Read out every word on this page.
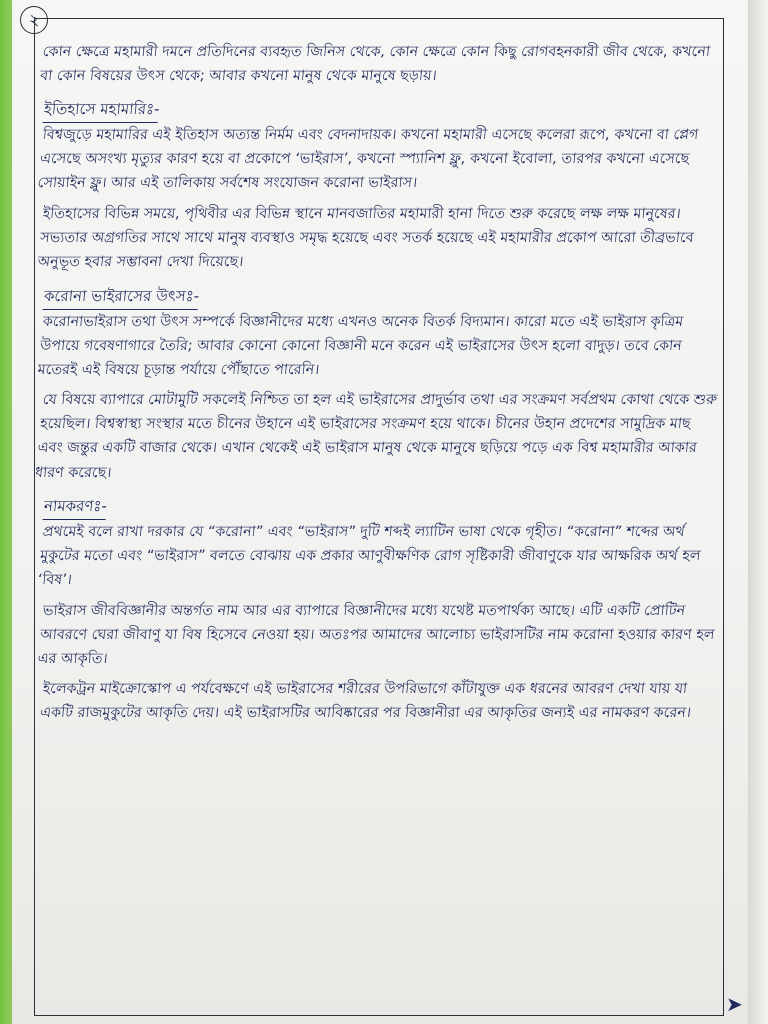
২

কোন ক্ষেত্রে মহামারী দমনে প্রতিদিনের ব্যবহৃত জিনিস থেকে, কোন ক্ষেত্রে কোন কিছু রোগবহনকারী জীব থেকে, কখনো বা কোন বিষয়ের উৎস থেকে; আবার কখনো মানুষ থেকে মানুষে ছড়ায়।

ইতিহাসে মহামারিঃ-

বিশ্বজুড়ে মহামারির এই ইতিহাস অত্যন্ত নির্মম এবং বেদনাদায়ক। কখনো মহামারী এসেছে কলেরা রূপে, কখনো বা প্লেগ এসেছে অসংখ্য মৃত্যুর কারণ হয়ে বা প্রকোপে ‘ভাইরাস’, কখনো স্প্যানিশ ফ্লু, কখনো ইবোলা, তারপর কখনো এসেছে সোয়াইন ফ্লু। আর এই তালিকায় সর্বশেষ সংযোজন করোনা ভাইরাস।

ইতিহাসের বিভিন্ন সময়ে, পৃথিবীর এর বিভিন্ন স্থানে মানবজাতির মহামারী হানা দিতে শুরু করেছে লক্ষ লক্ষ মানুষের। সভ্যতার অগ্রগতির সাথে সাথে মানুষ ব্যবস্থাও সমৃদ্ধ হয়েছে এবং সতর্ক হয়েছে এই মহামারীর প্রকোপ আরো তীব্রভাবে অনুভূত হবার সম্ভাবনা দেখা দিয়েছে।

করোনা ভাইরাসের উৎসঃ-

করোনাভাইরাস তথা উৎস সম্পর্কে বিজ্ঞানীদের মধ্যে এখনও অনেক বিতর্ক বিদ্যমান। কারো মতে এই ভাইরাস কৃত্রিম উপায়ে গবেষণাগারে তৈরি; আবার কোনো কোনো বিজ্ঞানী মনে করেন এই ভাইরাসের উৎস হলো বাদুড়। তবে কোন মতেরই এই বিষয়ে চূড়ান্ত পর্যায়ে পৌঁছাতে পারেনি।

যে বিষয়ে ব্যাপারে মোটামুটি সকলেই নিশ্চিত তা হল এই ভাইরাসের প্রাদুর্ভাব তথা এর সংক্রমণ সর্বপ্রথম কোথা থেকে শুরু হয়েছিল। বিশ্বস্বাস্থ্য সংস্থার মতে চীনের উহানে এই ভাইরাসের সংক্রমণ হয়ে থাকে। চীনের উহান প্রদেশের সামুদ্রিক মাছ এবং জন্তুর একটি বাজার থেকে। এখান থেকেই এই ভাইরাস মানুষ থেকে মানুষে ছড়িয়ে পড়ে এক বিশ্ব মহামারীর আকার ধারণ করেছে।

নামকরণঃ-

প্রথমেই বলে রাখা দরকার যে “করোনা” এবং “ভাইরাস” দুটি শব্দই ল্যাটিন ভাষা থেকে গৃহীত। “করোনা” শব্দের অর্থ মুকুটের মতো এবং “ভাইরাস” বলতে বোঝায় এক প্রকার আণুবীক্ষণিক রোগ সৃষ্টিকারী জীবাণুকে যার আক্ষরিক অর্থ হল ‘বিষ’।

ভাইরাস জীববিজ্ঞানীর অন্তর্গত নাম আর এর ব্যাপারে বিজ্ঞানীদের মধ্যে যথেষ্ট মতপার্থক্য আছে। এটি একটি প্রোটিন আবরণে ঘেরা জীবাণু যা বিষ হিসেবে নেওয়া হয়। অতঃপর আমাদের আলোচ্য ভাইরাসটির নাম করোনা হওয়ার কারণ হল এর আকৃতি।

ইলেকট্রন মাইক্রোস্কোপ এ পর্যবেক্ষণে এই ভাইরাসের শরীরের উপরিভাগে কাঁটাযুক্ত এক ধরনের আবরণ দেখা যায় যা একটি রাজমুকুটের আকৃতি দেয়। এই ভাইরাসটির আবিষ্কারের পর বিজ্ঞানীরা এর আকৃতির জন্যই এর নামকরণ করেন।

➤
